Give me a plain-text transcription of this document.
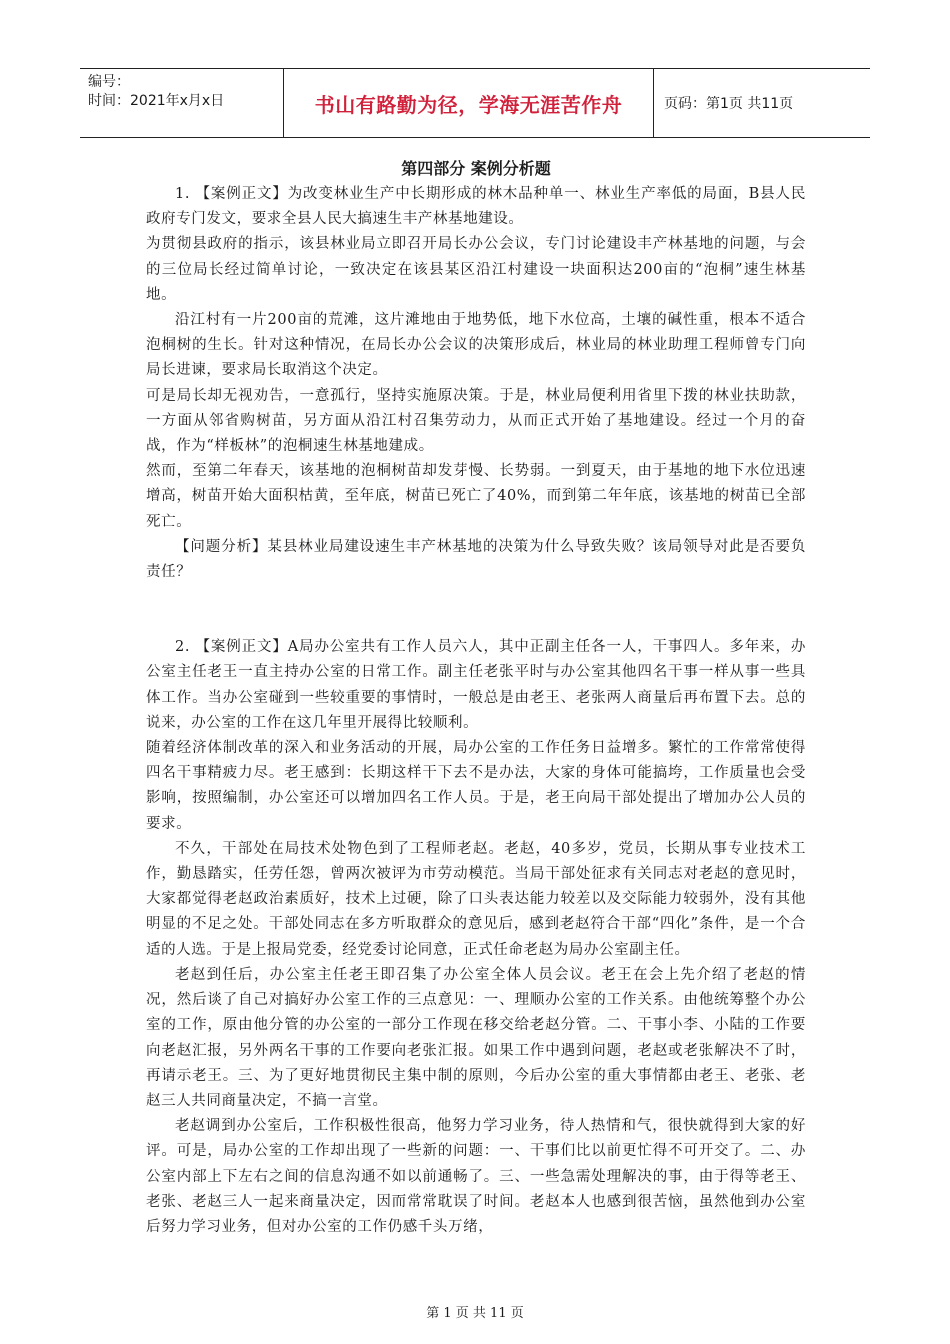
编号：
时间：2021年x月x日	书山有路勤为径，学海无涯苦作舟	页码：第1页 共11页
第四部分 案例分析题

1. 【案例正文】为改变林业生产中长期形成的林木品种单一、林业生产率低的局面，B县人民政府专门发文，要求全县人民大搞速生丰产林基地建设。

为贯彻县政府的指示，该县林业局立即召开局长办公会议，专门讨论建设丰产林基地的问题，与会的三位局长经过简单讨论，一致决定在该县某区沿江村建设一块面积达200亩的“泡桐”速生林基地。

沿江村有一片200亩的荒滩，这片滩地由于地势低，地下水位高，土壤的碱性重，根本不适合泡桐树的生长。针对这种情况，在局长办公会议的决策形成后，林业局的林业助理工程师曾专门向局长进谏，要求局长取消这个决定。

可是局长却无视劝告，一意孤行，坚持实施原决策。于是，林业局便利用省里下拨的林业扶助款，一方面从邻省购树苗，另方面从沿江村召集劳动力，从而正式开始了基地建设。经过一个月的奋战，作为“样板林”的泡桐速生林基地建成。

然而，至第二年春天，该基地的泡桐树苗却发芽慢、长势弱。一到夏天，由于基地的地下水位迅速增高，树苗开始大面积枯黄，至年底，树苗已死亡了40%，而到第二年年底，该基地的树苗已全部死亡。

【问题分析】某县林业局建设速生丰产林基地的决策为什么导致失败？该局领导对此是否要负责任？

2. 【案例正文】A局办公室共有工作人员六人，其中正副主任各一人，干事四人。多年来，办公室主任老王一直主持办公室的日常工作。副主任老张平时与办公室其他四名干事一样从事一些具体工作。当办公室碰到一些较重要的事情时，一般总是由老王、老张两人商量后再布置下去。总的说来，办公室的工作在这几年里开展得比较顺利。

随着经济体制改革的深入和业务活动的开展，局办公室的工作任务日益增多。繁忙的工作常常使得四名干事精疲力尽。老王感到：长期这样干下去不是办法，大家的身体可能搞垮，工作质量也会受影响，按照编制，办公室还可以增加四名工作人员。于是，老王向局干部处提出了增加办公人员的要求。

不久，干部处在局技术处物色到了工程师老赵。老赵，40多岁，党员，长期从事专业技术工作，勤恳踏实，任劳任怨，曾两次被评为市劳动模范。当局干部处征求有关同志对老赵的意见时，大家都觉得老赵政治素质好，技术上过硬，除了口头表达能力较差以及交际能力较弱外，没有其他明显的不足之处。干部处同志在多方听取群众的意见后，感到老赵符合干部“四化”条件，是一个合适的人选。于是上报局党委，经党委讨论同意，正式任命老赵为局办公室副主任。

老赵到任后，办公室主任老王即召集了办公室全体人员会议。老王在会上先介绍了老赵的情况，然后谈了自己对搞好办公室工作的三点意见：一、理顺办公室的工作关系。由他统筹整个办公室的工作，原由他分管的办公室的一部分工作现在移交给老赵分管。二、干事小李、小陆的工作要向老赵汇报，另外两名干事的工作要向老张汇报。如果工作中遇到问题，老赵或老张解决不了时，再请示老王。三、为了更好地贯彻民主集中制的原则，今后办公室的重大事情都由老王、老张、老赵三人共同商量决定，不搞一言堂。

老赵调到办公室后，工作积极性很高，他努力学习业务，待人热情和气，很快就得到大家的好评。可是，局办公室的工作却出现了一些新的问题：一、干事们比以前更忙得不可开交了。二、办公室内部上下左右之间的信息沟通不如以前通畅了。三、一些急需处理解决的事，由于得等老王、老张、老赵三人一起来商量决定，因而常常耽误了时间。老赵本人也感到很苦恼，虽然他到办公室后努力学习业务，但对办公室的工作仍感千头万绪，

第 1 页 共 11 页
